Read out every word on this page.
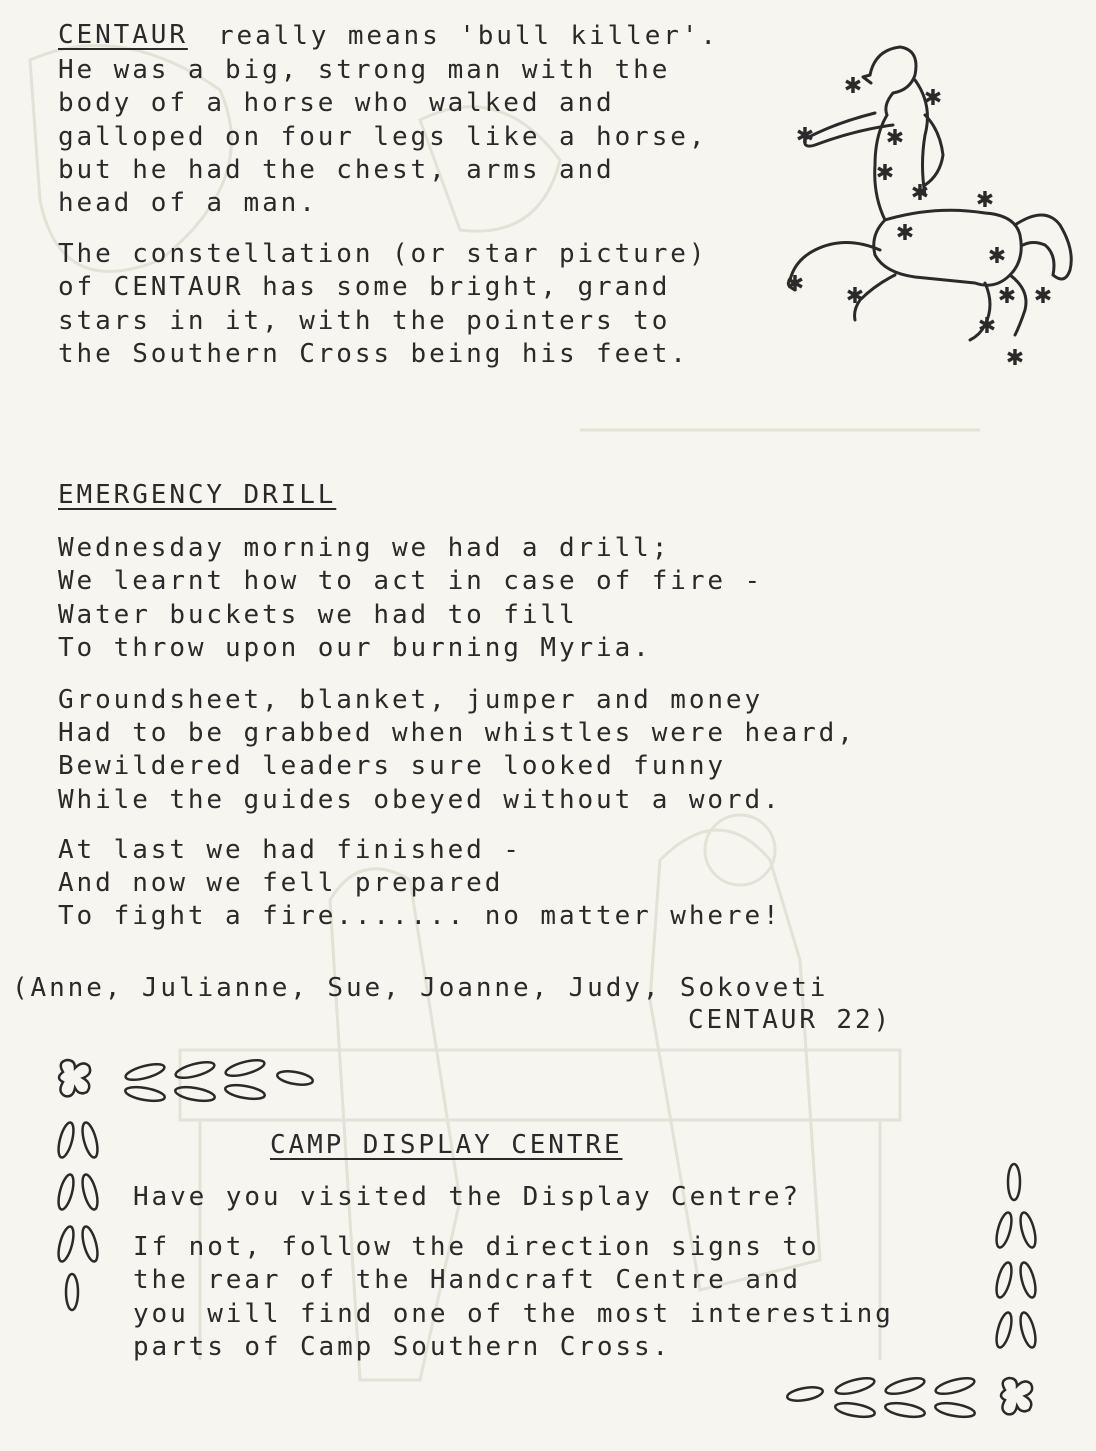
CENTAUR really means 'bull killer'.
He was a big, strong man with the
body of a horse who walked and
galloped on four legs like a horse,
but he had the chest, arms and
head of a man.
The constellation (or star picture)
of CENTAUR has some bright, grand
stars in it, with the pointers to
the Southern Cross being his feet.
✱	✱
✱
✱
✱
✱
✱
✱
✱
✱ ✱	✱ ✱
✱
✱

EMERGENCY DRILL

Wednesday morning we had a drill;
We learnt how to act in case of fire -
Water buckets we had to fill
To throw upon our burning Myria.
Groundsheet, blanket, jumper and money
Had to be grabbed when whistles were heard,
Bewildered leaders sure looked funny
While the guides obeyed without a word.
At last we had finished -
And now we fell prepared
To fight a fire....... no matter where!
(Anne, Julianne, Sue, Joanne, Judy, Sokoveti
CENTAUR 22)

CAMP DISPLAY CENTRE

Have you visited the Display Centre?
If not, follow the direction signs to
the rear of the Handcraft Centre and
you will find one of the most interesting
parts of Camp Southern Cross.
